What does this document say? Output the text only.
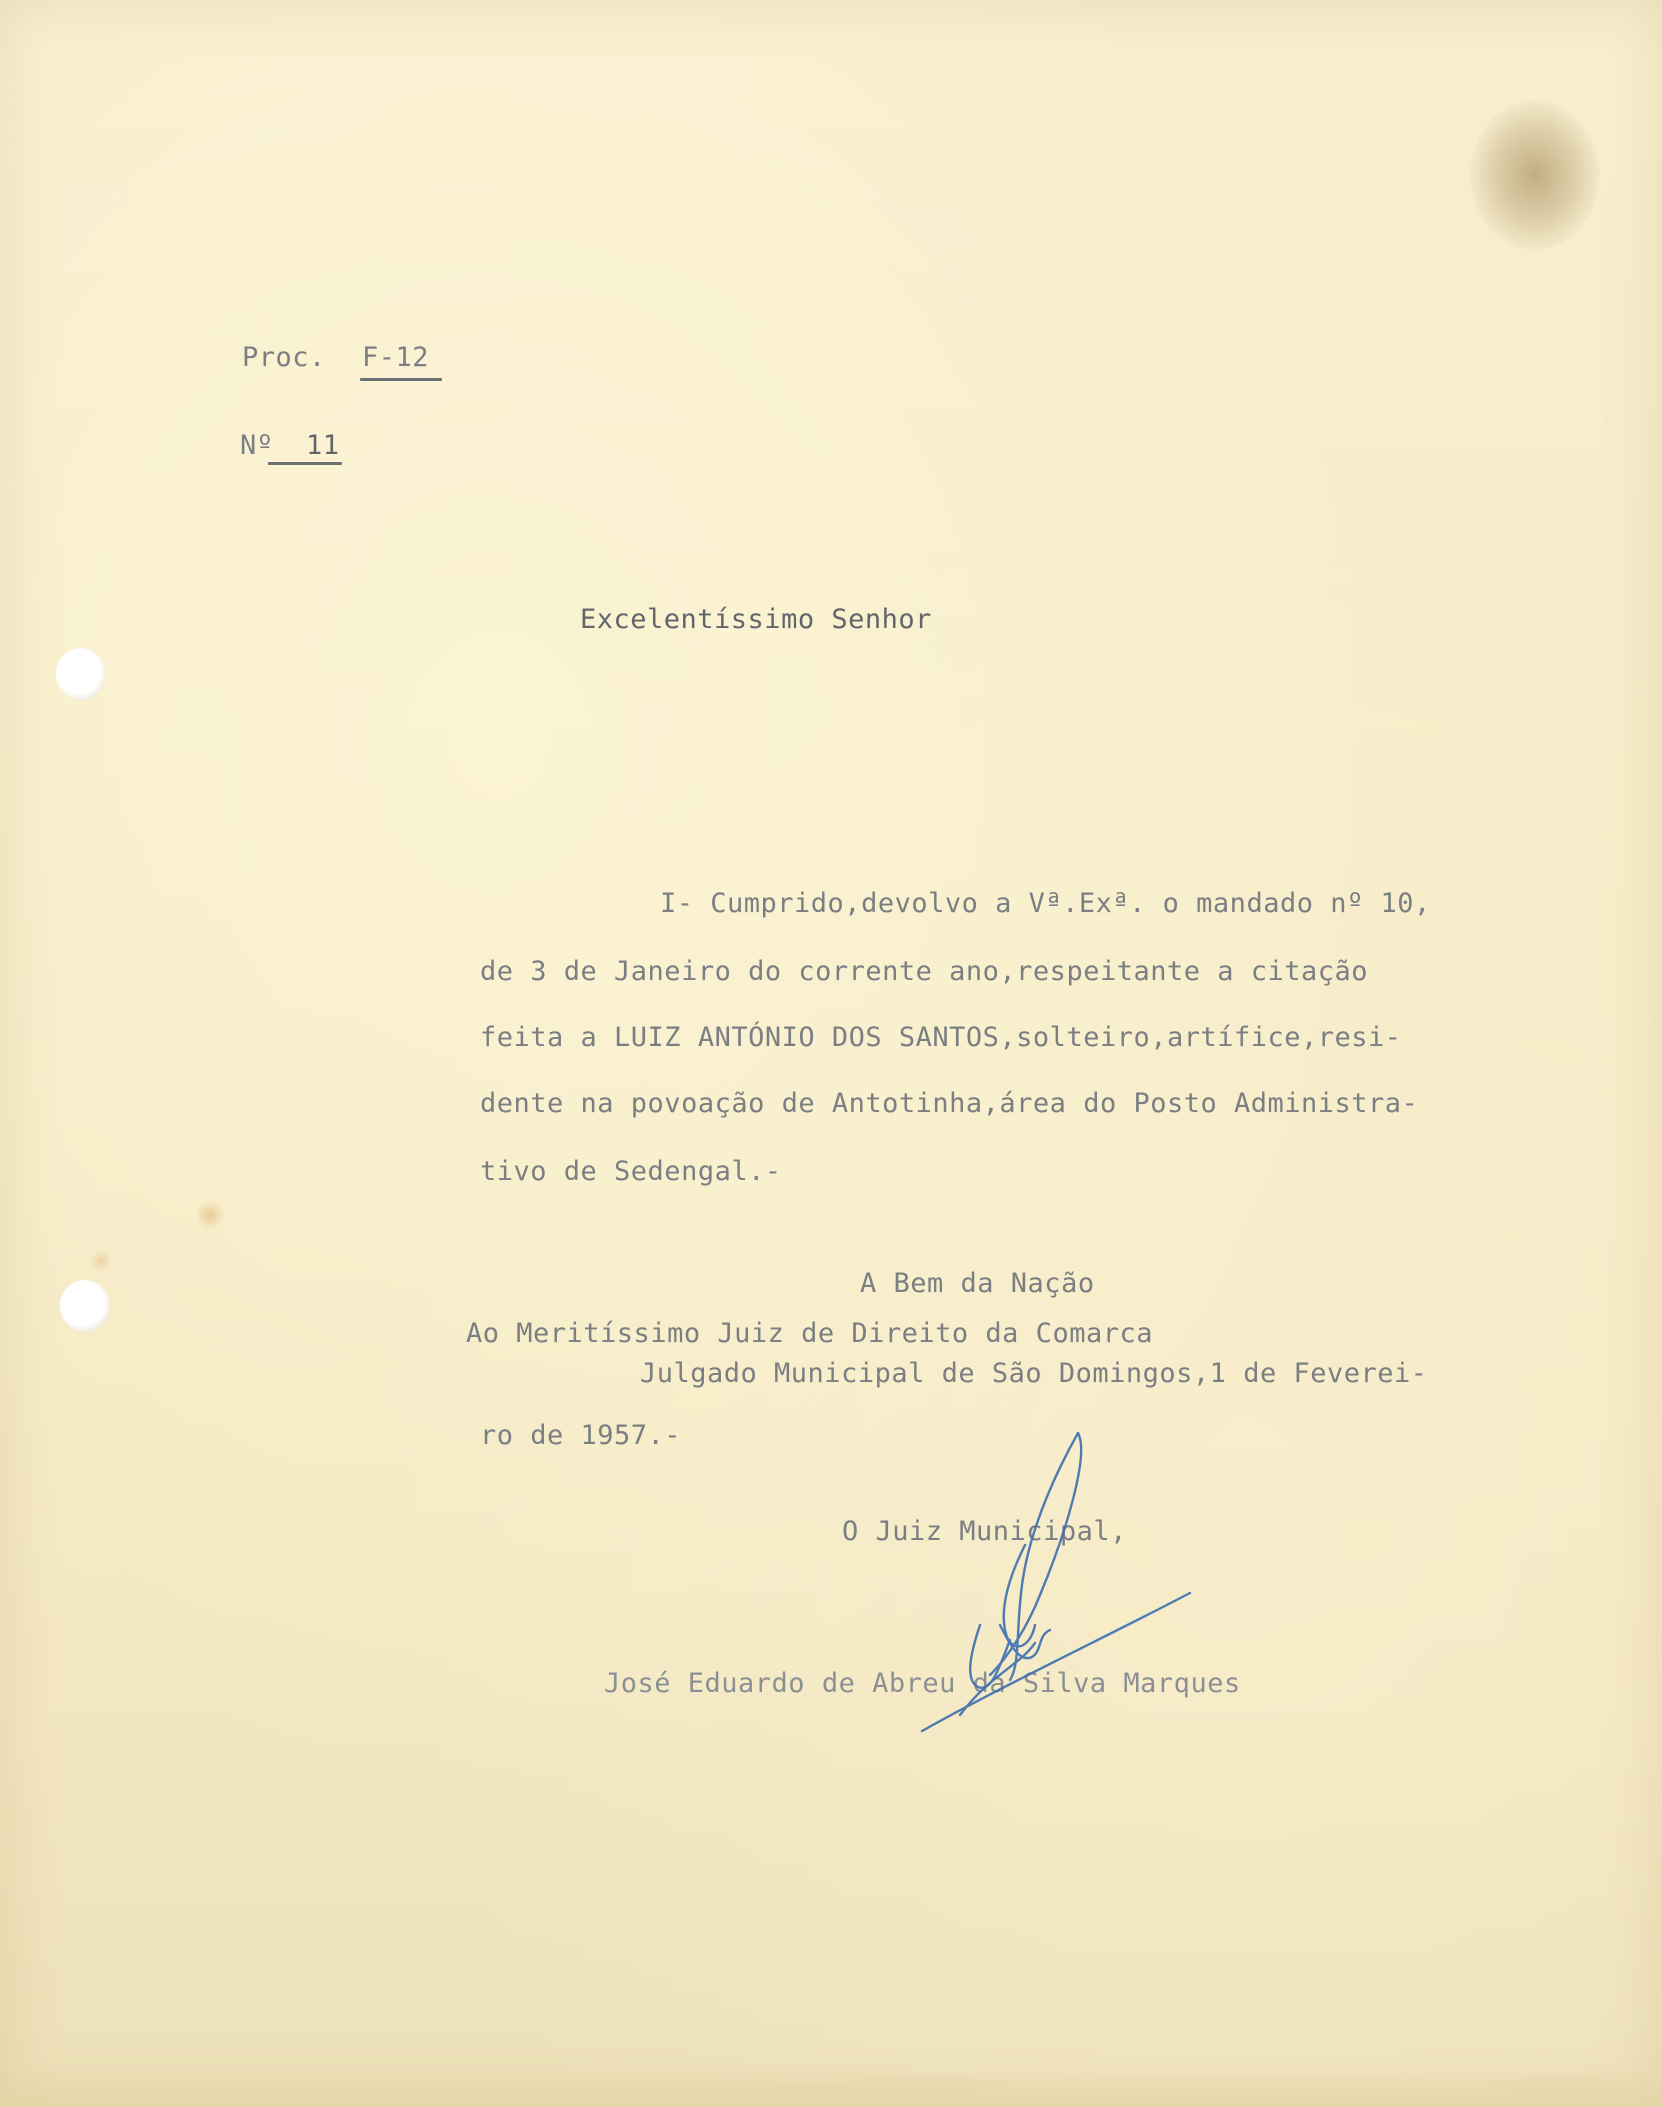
Proc. F-12
Nº 11
Excelentíssimo Senhor
I- Cumprido,devolvo a Vª.Exª. o mandado nº 10,
de 3 de Janeiro do corrente ano,respeitante a citação
feita a LUIZ ANTÓNIO DOS SANTOS,solteiro,artífice,resi-
dente na povoação de Antotinha,área do Posto Administra-
tivo de Sedengal.-
A Bem da Nação
Ao Meritíssimo Juiz de Direito da Comarca
Julgado Municipal de São Domingos,1 de Feverei-
ro de 1957.-
O Juiz Municipal,
José Eduardo de Abreu da Silva Marques
